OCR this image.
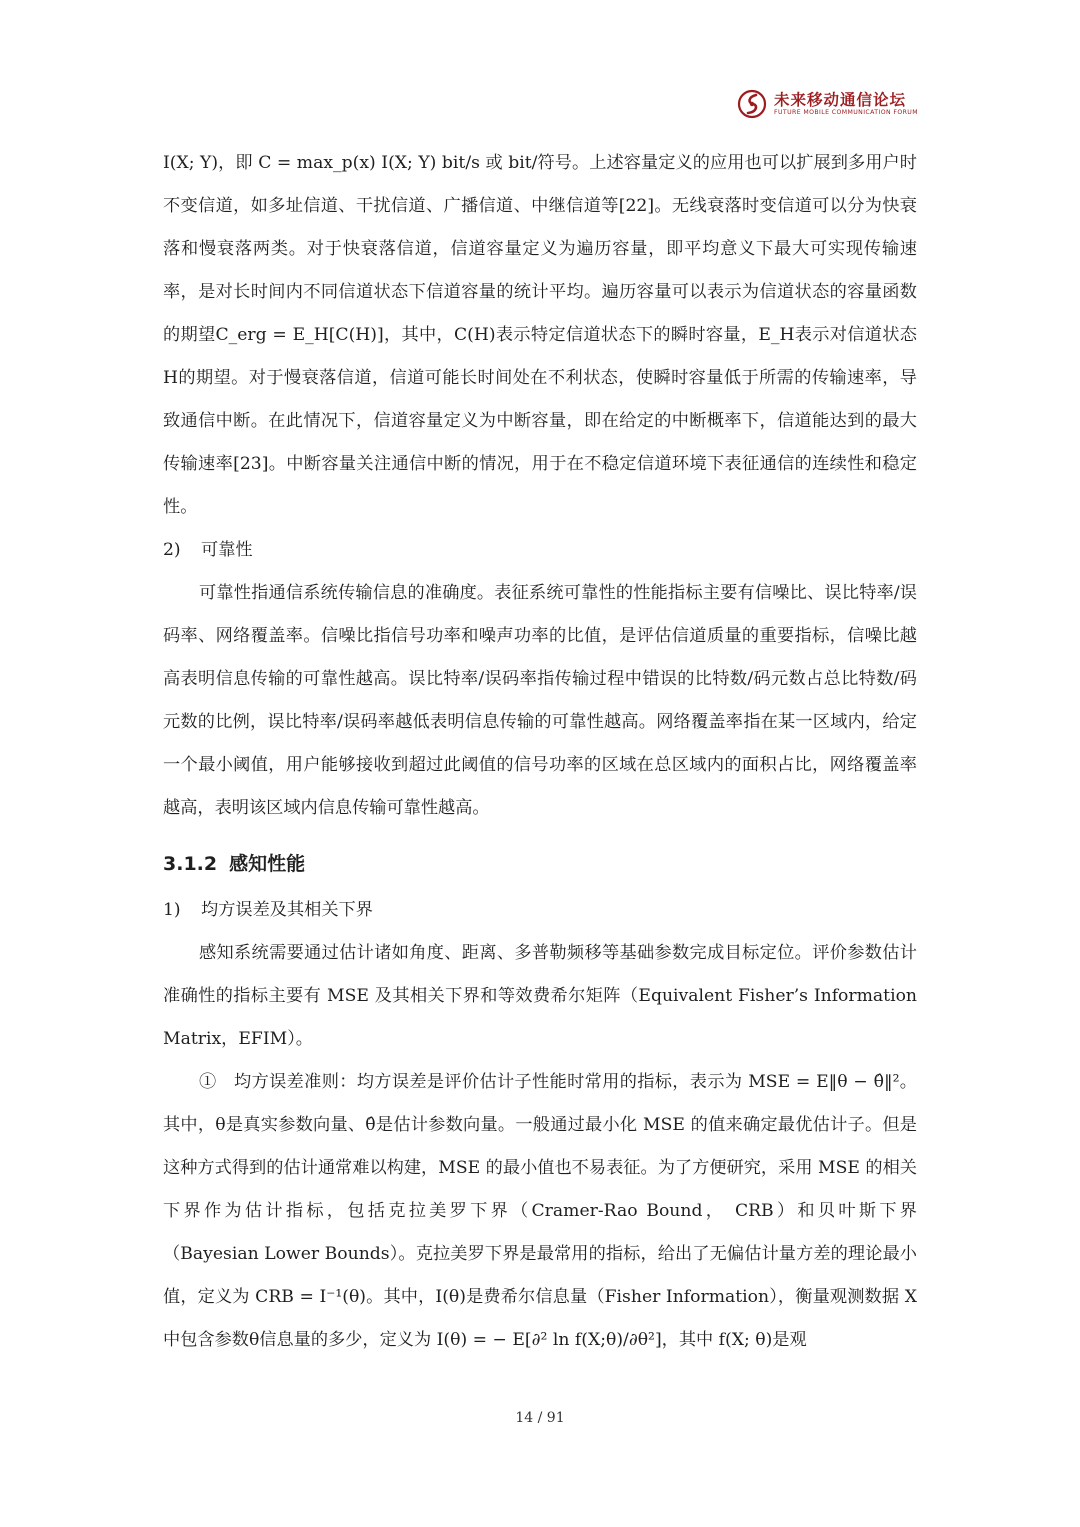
未来移动通信论坛
FUTURE MOBILE COMMUNICATION FORUM

I(X; Y)，即 C = max_p(x) I(X; Y) bit/s 或 bit/符号。上述容量定义的应用也可以扩展到多用户时不变信道，如多址信道、干扰信道、广播信道、中继信道等[22]。无线衰落时变信道可以分为快衰落和慢衰落两类。对于快衰落信道，信道容量定义为遍历容量，即平均意义下最大可实现传输速率，是对长时间内不同信道状态下信道容量的统计平均。遍历容量可以表示为信道状态的容量函数的期望C_erg = E_H[C(H)]，其中，C(H)表示特定信道状态下的瞬时容量，E_H表示对信道状态H的期望。对于慢衰落信道，信道可能长时间处在不利状态，使瞬时容量低于所需的传输速率，导致通信中断。在此情况下，信道容量定义为中断容量，即在给定的中断概率下，信道能达到的最大传输速率[23]。中断容量关注通信中断的情况，用于在不稳定信道环境下表征通信的连续性和稳定性。

2) 可靠性

可靠性指通信系统传输信息的准确度。表征系统可靠性的性能指标主要有信噪比、误比特率/误码率、网络覆盖率。信噪比指信号功率和噪声功率的比值，是评估信道质量的重要指标，信噪比越高表明信息传输的可靠性越高。误比特率/误码率指传输过程中错误的比特数/码元数占总比特数/码元数的比例，误比特率/误码率越低表明信息传输的可靠性越高。网络覆盖率指在某一区域内，给定一个最小阈值，用户能够接收到超过此阈值的信号功率的区域在总区域内的面积占比，网络覆盖率越高，表明该区域内信息传输可靠性越高。

3.1.2 感知性能

1) 均方误差及其相关下界

感知系统需要通过估计诸如角度、距离、多普勒频移等基础参数完成目标定位。评价参数估计准确性的指标主要有 MSE 及其相关下界和等效费希尔矩阵（Equivalent Fisher’s Information Matrix，EFIM）。

①　均方误差准则：均方误差是评价估计子性能时常用的指标，表示为 MSE = E‖θ − θ̂‖²。其中，θ是真实参数向量、θ̂是估计参数向量。一般通过最小化 MSE 的值来确定最优估计子。但是这种方式得到的估计通常难以构建，MSE 的最小值也不易表征。为了方便研究，采用 MSE 的相关下界作为估计指标，包括克拉美罗下界（Cramer-Rao Bound， CRB）和贝叶斯下界（Bayesian Lower Bounds）。克拉美罗下界是最常用的指标，给出了无偏估计量方差的理论最小值，定义为 CRB = I⁻¹(θ)。其中，I(θ)是费希尔信息量（Fisher Information），衡量观测数据 X 中包含参数θ信息量的多少，定义为 I(θ) = − E[∂² ln f(X;θ)/∂θ²]，其中 f(X; θ)是观

14 / 91
